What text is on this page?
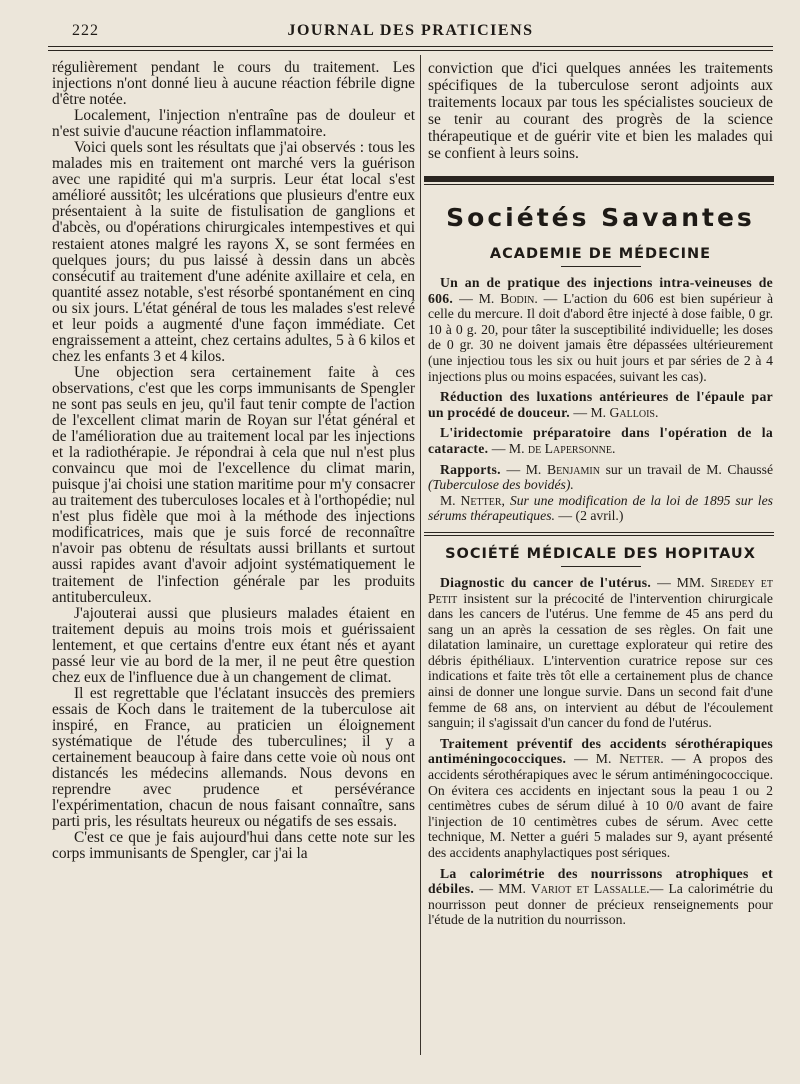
222	JOURNAL DES PRATICIENS

régulièrement pendant le cours du traitement. Les injections n'ont donné lieu à aucune réaction fébrile digne d'être notée.

Localement, l'injection n'entraîne pas de douleur et n'est suivie d'aucune réaction inflammatoire.

Voici quels sont les résultats que j'ai observés : tous les malades mis en traitement ont marché vers la guérison avec une rapidité qui m'a surpris. Leur état local s'est amélioré aussitôt; les ulcérations que plusieurs d'entre eux présentaient à la suite de fistulisation de ganglions et d'abcès, ou d'opérations chirurgicales intempestives et qui restaient atones malgré les rayons X, se sont fermées en quelques jours; du pus laissé à dessin dans un abcès consécutif au traitement d'une adénite axillaire et cela, en quantité assez notable, s'est résorbé spontanément en cinq ou six jours. L'état général de tous les malades s'est relevé et leur poids a augmenté d'une façon immédiate. Cet engraissement a atteint, chez certains adultes, 5 à 6 kilos et chez les enfants 3 et 4 kilos.

Une objection sera certainement faite à ces observations, c'est que les corps immunisants de Spengler ne sont pas seuls en jeu, qu'il faut tenir compte de l'action de l'excellent climat marin de Royan sur l'état général et de l'amélioration due au traitement local par les injections et la radiothérapie. Je répondrai à cela que nul n'est plus convaincu que moi de l'excellence du climat marin, puisque j'ai choisi une station maritime pour m'y consacrer au traitement des tuberculoses locales et à l'orthopédie; nul n'est plus fidèle que moi à la méthode des injections modificatrices, mais que je suis forcé de reconnaître n'avoir pas obtenu de résultats aussi brillants et surtout aussi rapides avant d'avoir adjoint systématiquement le traitement de l'infection générale par les produits antituberculeux.

J'ajouterai aussi que plusieurs malades étaient en traitement depuis au moins trois mois et guérissaient lentement, et que certains d'entre eux étant nés et ayant passé leur vie au bord de la mer, il ne peut être question chez eux de l'influence due à un changement de climat.

Il est regrettable que l'éclatant insuccès des premiers essais de Koch dans le traitement de la tuberculose ait inspiré, en France, au praticien un éloignement systématique de l'étude des tuberculines; il y a certainement beaucoup à faire dans cette voie où nous ont distancés les médecins allemands. Nous devons en reprendre avec prudence et persévérance l'expérimentation, chacun de nous faisant connaître, sans parti pris, les résultats heureux ou négatifs de ses essais.

C'est ce que je fais aujourd'hui dans cette note sur les corps immunisants de Spengler, car j'ai la

conviction que d'ici quelques années les traitements spécifiques de la tuberculose seront adjoints aux traitements locaux par tous les spécialistes soucieux de se tenir au courant des progrès de la science thérapeutique et de guérir vite et bien les malades qui se confient à leurs soins.

Sociétés Savantes
ACADEMIE DE MÉDECINE

Un an de pratique des injections intra-veineuses de 606. — M. Bodin. — L'action du 606 est bien supérieur à celle du mercure. Il doit d'abord être injecté à dose faible, 0 gr. 10 à 0 g. 20, pour tâter la susceptibilité individuelle; les doses de 0 gr. 30 ne doivent jamais être dépassées ultérieurement (une injectiou tous les six ou huit jours et par séries de 2 à 4 injections plus ou moins espacées, suivant les cas).

Réduction des luxations antérieures de l'épaule par un procédé de douceur. — M. Gallois.

L'iridectomie préparatoire dans l'opération de la cataracte. — M. de Lapersonne.

Rapports. — M. Benjamin sur un travail de M. Chaussé (Tuberculose des bovidés).

M. Netter, Sur une modification de la loi de 1895 sur les sérums thérapeutiques. — (2 avril.)

SOCIÉTÉ MÉDICALE DES HOPITAUX

Diagnostic du cancer de l'utérus. — MM. Siredey et Petit insistent sur la précocité de l'intervention chirurgicale dans les cancers de l'utérus. Une femme de 45 ans perd du sang un an après la cessation de ses règles. On fait une dilatation laminaire, un curettage explorateur qui retire des débris épithéliaux. L'intervention curatrice repose sur ces indications et faite très tôt elle a certainement plus de chance ainsi de donner une longue survie. Dans un second fait d'une femme de 68 ans, on intervient au début de l'écoulement sanguin; il s'agissait d'un cancer du fond de l'utérus.

Traitement préventif des accidents sérothérapiques antiméningococciques. — M. Netter. — A propos des accidents sérothérapiques avec le sérum antiméningococcique. On évitera ces accidents en injectant sous la peau 1 ou 2 centimètres cubes de sérum dilué à 10 0/0 avant de faire l'injection de 10 centimètres cubes de sérum. Avec cette technique, M. Netter a guéri 5 malades sur 9, ayant présenté des accidents anaphylactiques post sériques.

La calorimétrie des nourrissons atrophiques et débiles. — MM. Variot et Lassalle.— La calorimétrie du nourrisson peut donner de précieux renseignements pour l'étude de la nutrition du nourrisson.
